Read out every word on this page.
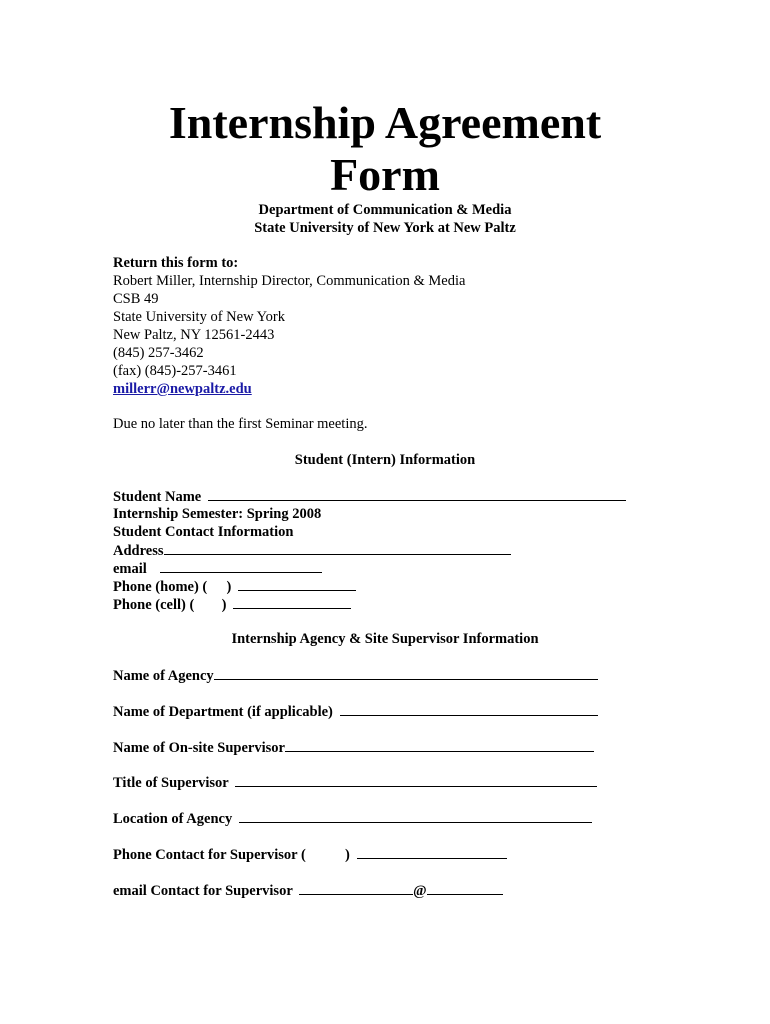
Internship Agreement
Form
Department of Communication & Media
State University of New York at New Paltz
Return this form to:
Robert Miller, Internship Director, Communication & Media
CSB 49
State University of New York
New Paltz, NY 12561-2443
(845) 257-3462
(fax) (845)-257-3461
millerr@newpaltz.edu
Due no later than the first Seminar meeting.
Student (Intern) Information
Student Name
Internship Semester: Spring 2008
Student Contact Information
Address
email
Phone (home) ( )
Phone (cell) ( )
Internship Agency & Site Supervisor Information
Name of Agency
Name of Department (if applicable)
Name of On-site Supervisor
Title of Supervisor
Location of Agency
Phone Contact for Supervisor (	)
email Contact for Supervisor	@
